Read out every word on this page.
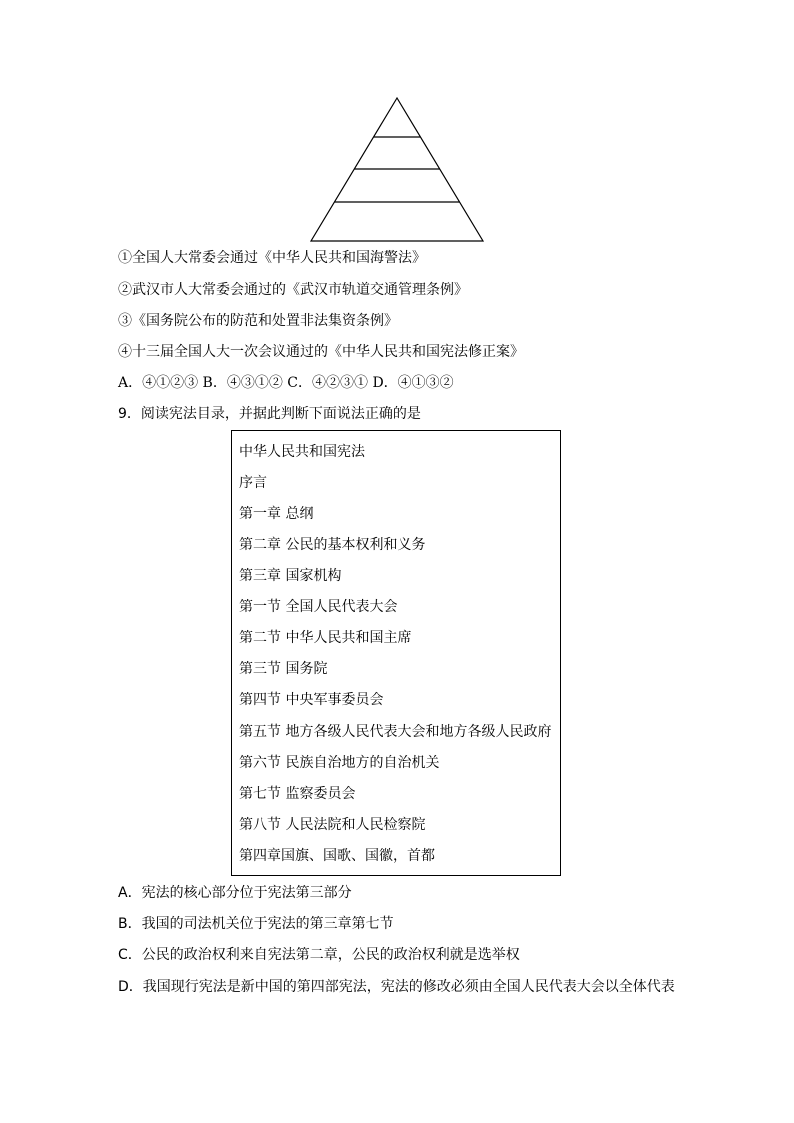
①全国人大常委会通过《中华人民共和国海警法》
②武汉市人大常委会通过的《武汉市轨道交通管理条例》
③《国务院公布的防范和处置非法集资条例》
④十三届全国人大一次会议通过的《中华人民共和国宪法修正案》
A．④①②③ B．④③①② C．④②③① D．④①③②
9．阅读宪法目录，并据此判断下面说法正确的是
中华人民共和国宪法
序言
第一章 总纲
第二章 公民的基本权利和义务
第三章 国家机构
第一节 全国人民代表大会
第二节 中华人民共和国主席
第三节 国务院
第四节 中央军事委员会
第五节 地方各级人民代表大会和地方各级人民政府
第六节 民族自治地方的自治机关
第七节 监察委员会
第八节 人民法院和人民检察院
第四章国旗、国歌、国徽，首都
A．宪法的核心部分位于宪法第三部分
B．我国的司法机关位于宪法的第三章第七节
C．公民的政治权利来自宪法第二章，公民的政治权利就是选举权
D．我国现行宪法是新中国的第四部宪法，宪法的修改必须由全国人民代表大会以全体代表
